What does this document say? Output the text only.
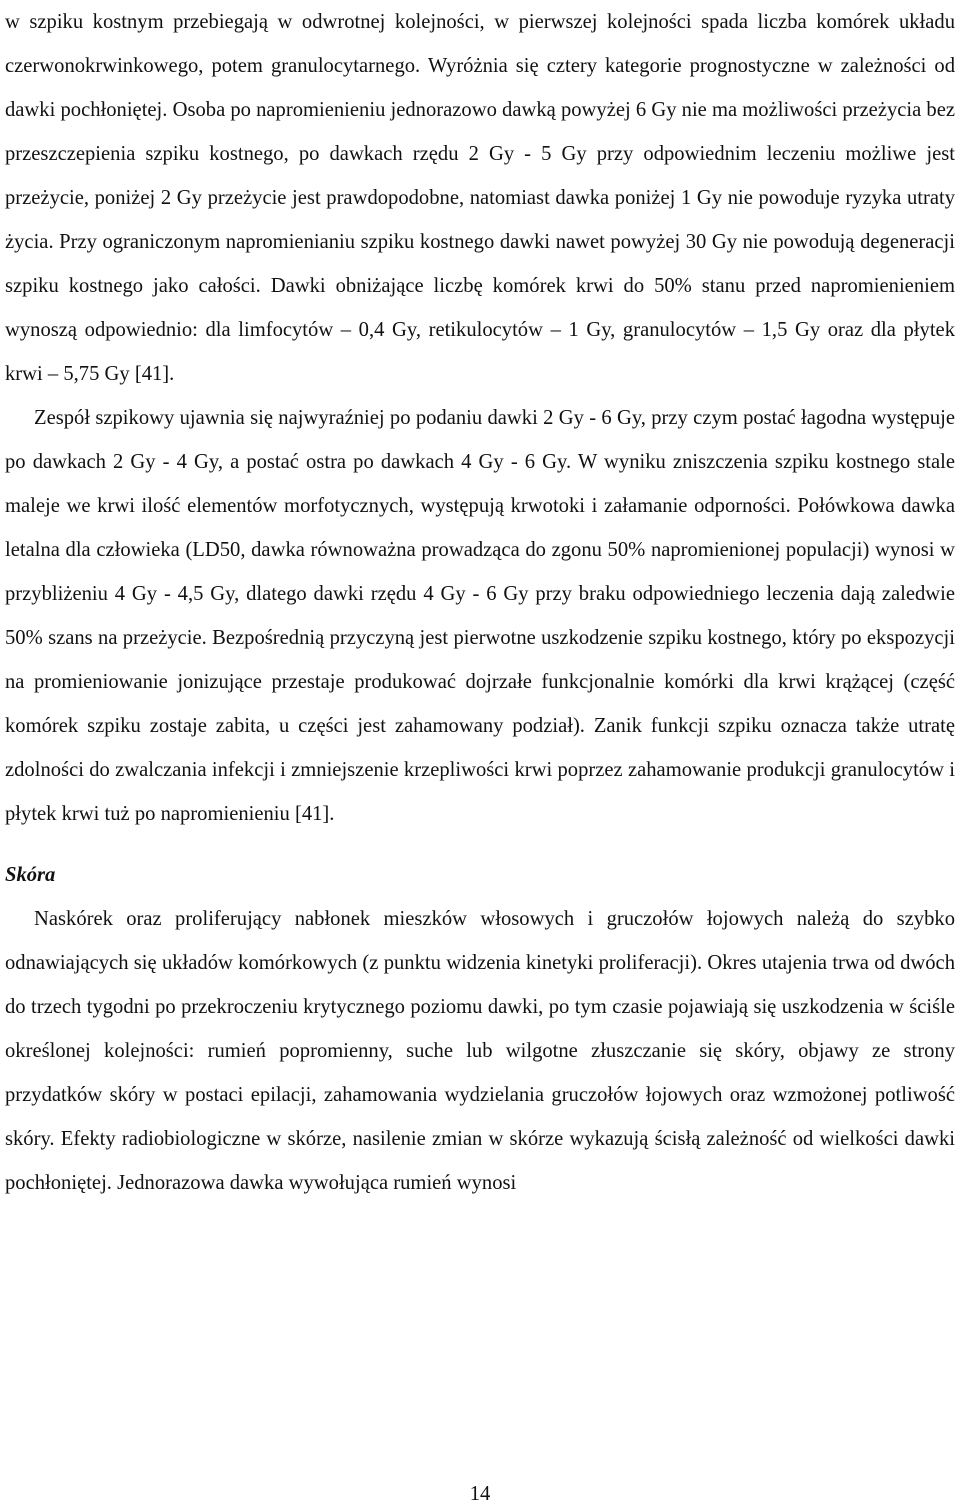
w szpiku kostnym przebiegają w odwrotnej kolejności, w pierwszej kolejności spada liczba komórek układu czerwonokrwinkowego, potem granulocytarnego. Wyróżnia się cztery kategorie prognostyczne w zależności od dawki pochłoniętej. Osoba po napromienieniu jednorazowo dawką powyżej 6 Gy nie ma możliwości przeżycia bez przeszczepienia szpiku kostnego, po dawkach rzędu 2 Gy - 5 Gy przy odpowiednim leczeniu możliwe jest przeżycie, poniżej 2 Gy przeżycie jest prawdopodobne, natomiast dawka poniżej 1 Gy nie powoduje ryzyka utraty życia. Przy ograniczonym napromienianiu szpiku kostnego dawki nawet powyżej 30 Gy nie powodują degeneracji szpiku kostnego jako całości. Dawki obniżające liczbę komórek krwi do 50% stanu przed napromienieniem wynoszą odpowiednio: dla limfocytów – 0,4 Gy, retikulocytów – 1 Gy, granulocytów – 1,5 Gy oraz dla płytek krwi – 5,75 Gy [41].

Zespół szpikowy ujawnia się najwyraźniej po podaniu dawki 2 Gy - 6 Gy, przy czym postać łagodna występuje po dawkach 2 Gy - 4 Gy, a postać ostra po dawkach 4 Gy - 6 Gy. W wyniku zniszczenia szpiku kostnego stale maleje we krwi ilość elementów morfotycznych, występują krwotoki i załamanie odporności. Połówkowa dawka letalna dla człowieka (LD50, dawka równoważna prowadząca do zgonu 50% napromienionej populacji) wynosi w przybliżeniu 4 Gy - 4,5 Gy, dlatego dawki rzędu 4 Gy - 6 Gy przy braku odpowiedniego leczenia dają zaledwie 50% szans na przeżycie. Bezpośrednią przyczyną jest pierwotne uszkodzenie szpiku kostnego, który po ekspozycji na promieniowanie jonizujące przestaje produkować dojrzałe funkcjonalnie komórki dla krwi krążącej (część komórek szpiku zostaje zabita, u części jest zahamowany podział). Zanik funkcji szpiku oznacza także utratę zdolności do zwalczania infekcji i zmniejszenie krzepliwości krwi poprzez zahamowanie produkcji granulocytów i płytek krwi tuż po napromienieniu [41].

Skóra

Naskórek oraz proliferujący nabłonek mieszków włosowych i gruczołów łojowych należą do szybko odnawiających się układów komórkowych (z punktu widzenia kinetyki proliferacji). Okres utajenia trwa od dwóch do trzech tygodni po przekroczeniu krytycznego poziomu dawki, po tym czasie pojawiają się uszkodzenia w ściśle określonej kolejności: rumień popromienny, suche lub wilgotne złuszczanie się skóry, objawy ze strony przydatków skóry w postaci epilacji, zahamowania wydzielania gruczołów łojowych oraz wzmożonej potliwość skóry. Efekty radiobiologiczne w skórze, nasilenie zmian w skórze wykazują ścisłą zależność od wielkości dawki pochłoniętej. Jednorazowa dawka wywołująca rumień wynosi

14
